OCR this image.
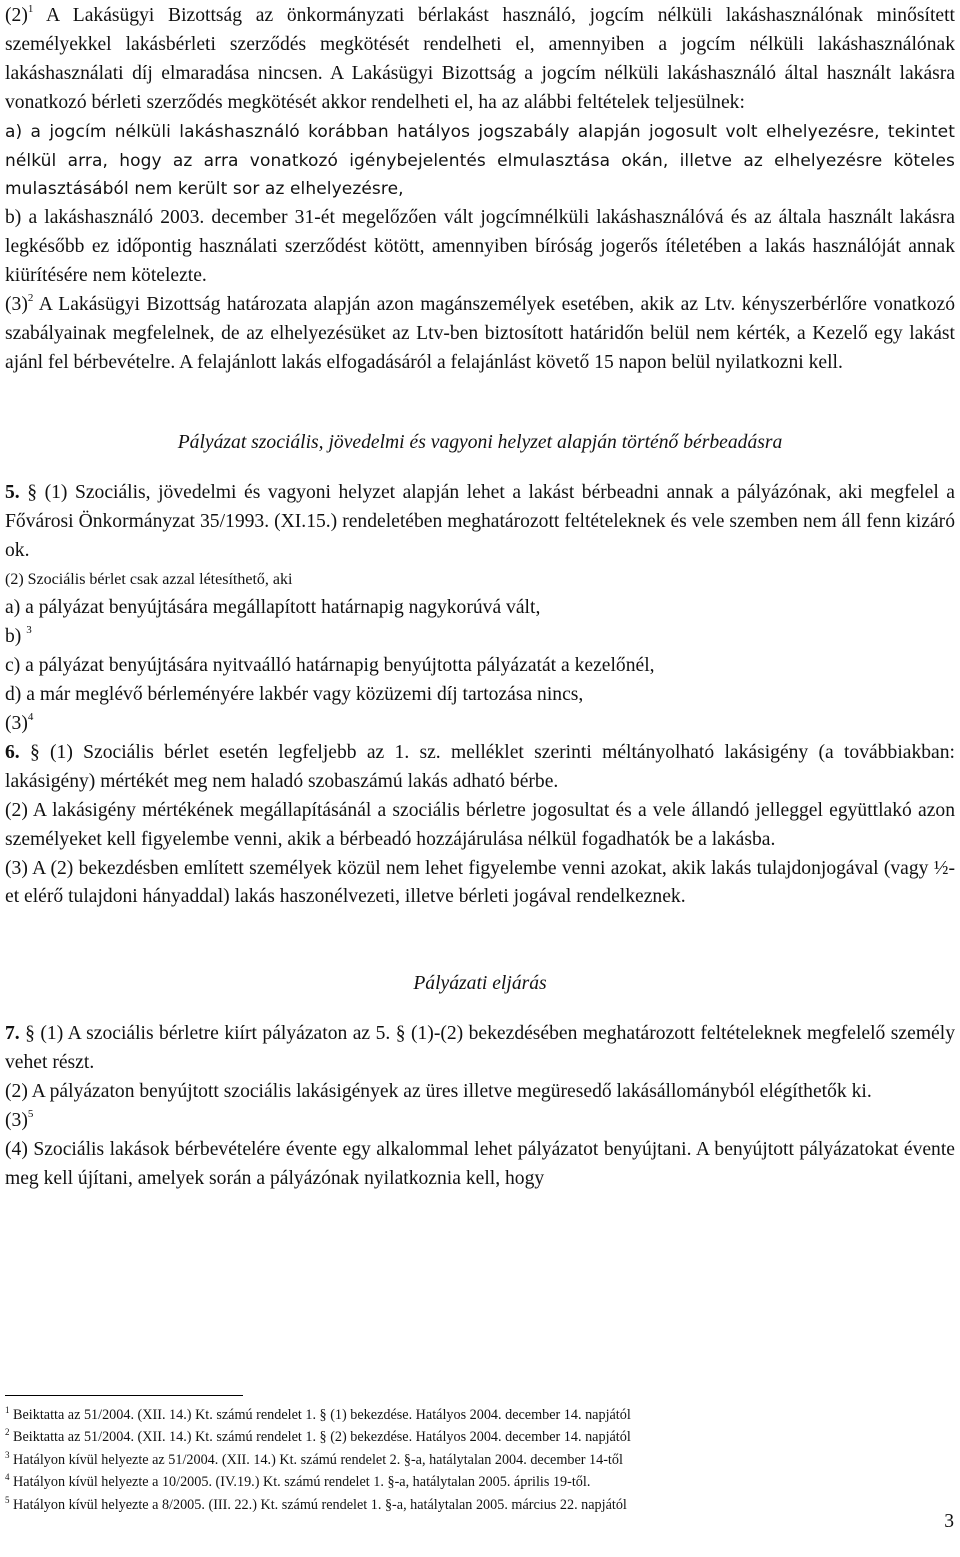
$(2)^1$ A Lakásügyi Bizottság az önkormányzati bérlakást használó, jogcím nélküli lakáshasználónak minősített személyekkel lakásbérleti szerződés megkötését rendelheti el, amennyiben a jogcím nélküli lakáshasználónak lakáshasználati díj elmaradása nincsen. A Lakásügyi Bizottság a jogcím nélküli lakáshasználó által használt lakásra vonatkozó bérleti szerződés megkötését akkor rendelheti el, ha az alábbi feltételek teljesülnek:

a) a jogcím nélküli lakáshasználó korábban hatályos jogszabály alapján jogosult volt elhelyezésre, tekintet nélkül arra, hogy az arra vonatkozó igénybejelentés elmulasztása okán, illetve az elhelyezésre köteles mulasztásából nem került sor az elhelyezésre,

b) a lakáshasználó 2003. december 31-ét megelőzően vált jogcímnélküli lakáshasználóvá és az általa használt lakásra legkésőbb ez időpontig használati szerződést kötött, amennyiben bíróság jogerős ítéletében a lakás használóját annak kiürítésére nem kötelezte.

$(3)^2$ A Lakásügyi Bizottság határozata alapján azon magánszemélyek esetében, akik az Ltv. kényszerbérlőre vonatkozó szabályainak megfelelnek, de az elhelyezésüket az Ltv-ben biztosított határidőn belül nem kérték, a Kezelő egy lakást ajánl fel bérbevételre. A felajánlott lakás elfogadásáról a felajánlást követő 15 napon belül nyilatkozni kell.

Pályázat szociális, jövedelmi és vagyoni helyzet alapján történő bérbeadásra

5. § (1) Szociális, jövedelmi és vagyoni helyzet alapján lehet a lakást bérbeadni annak a pályázónak, aki megfelel a Fővárosi Önkormányzat 35/1993. (XI.15.) rendeletében meghatározott feltételeknek és vele szemben nem áll fenn kizáró ok.

(2) Szociális bérlet csak azzal létesíthető, aki

a) a pályázat benyújtására megállapított határnapig nagykorúvá vált,

b) $^3$

c) a pályázat benyújtására nyitvaálló határnapig benyújtotta pályázatát a kezelőnél,

d) a már meglévő bérleményére lakbér vagy közüzemi díj tartozása nincs,

$(3)^4$

6. § (1) Szociális bérlet esetén legfeljebb az 1. sz. melléklet szerinti méltányolható lakásigény (a továbbiakban: lakásigény) mértékét meg nem haladó szobaszámú lakás adható bérbe.

(2) A lakásigény mértékének megállapításánál a szociális bérletre jogosultat és a vele állandó jelleggel együttlakó azon személyeket kell figyelembe venni, akik a bérbeadó hozzájárulása nélkül fogadhatók be a lakásba.

(3) A (2) bekezdésben említett személyek közül nem lehet figyelembe venni azokat, akik lakás tulajdonjogával (vagy ½-et elérő tulajdoni hányaddal) lakás haszonélvezeti, illetve bérleti jogával rendelkeznek.

Pályázati eljárás

7. § (1) A szociális bérletre kiírt pályázaton az 5. § (1)-(2) bekezdésében meghatározott feltételeknek megfelelő személy vehet részt.

(2) A pályázaton benyújtott szociális lakásigények az üres illetve megüresedő lakásállományból elégíthetők ki.

$(3)^5$

(4) Szociális lakások bérbevételére évente egy alkalommal lehet pályázatot benyújtani. A benyújtott pályázatokat évente meg kell újítani, amelyek során a pályázónak nyilatkoznia kell, hogy

$^1$ Beiktatta az 51/2004. (XII. 14.) Kt. számú rendelet 1. § (1) bekezdése. Hatályos 2004. december 14. napjától
$^2$ Beiktatta az 51/2004. (XII. 14.) Kt. számú rendelet 1. § (2) bekezdése. Hatályos 2004. december 14. napjától
$^3$ Hatályon kívül helyezte az 51/2004. (XII. 14.) Kt. számú rendelet 2. §-a, hatálytalan 2004. december 14-től
$^4$ Hatályon kívül helyezte a 10/2005. (IV.19.) Kt. számú rendelet 1. §-a, hatálytalan 2005. április 19-től.
$^5$ Hatályon kívül helyezte a 8/2005. (III. 22.) Kt. számú rendelet 1. §-a, hatálytalan 2005. március 22. napjától
3
